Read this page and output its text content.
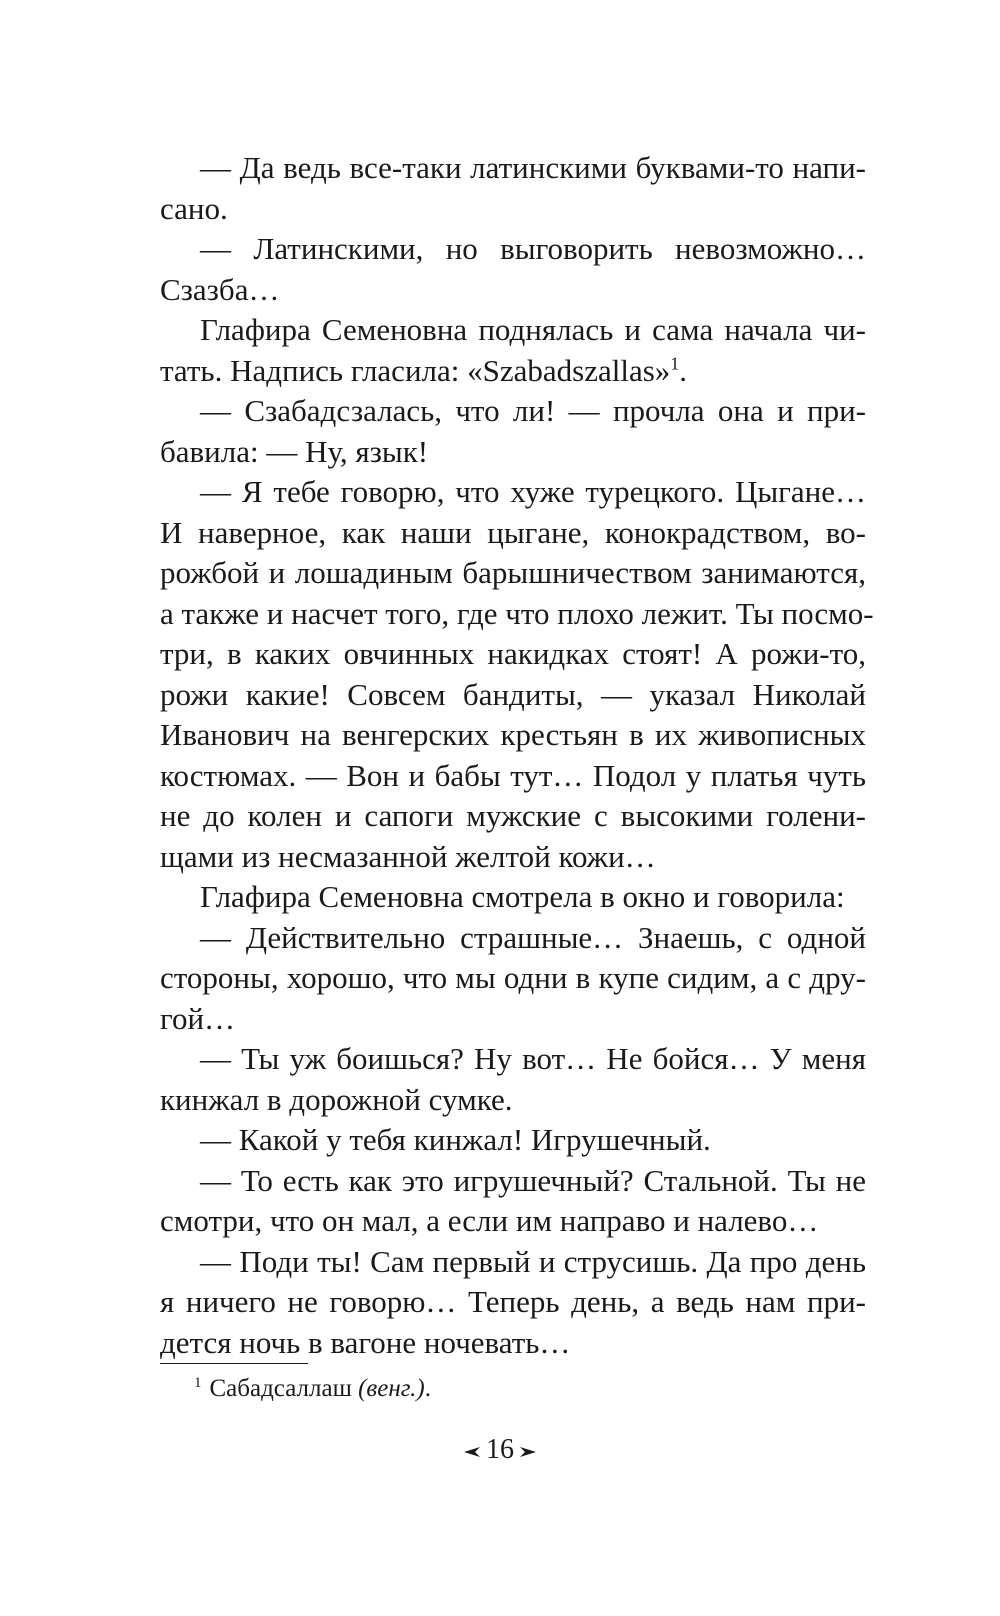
— Да ведь все-таки латинскими буквами-то напи-
сано.
— Латинскими, но выговорить невозможно…
Сзазба…
Глафира Семеновна поднялась и сама начала чи-
тать. Надпись гласила: «Szabadszallas»$^1$.
— Сзабадсзалась, что ли! — прочла она и при-
бавила: — Ну, язык!
— Я тебе говорю, что хуже турецкого. Цыгане…
И наверное, как наши цыгане, конокрадством, во-
рожбой и лошадиным барышничеством занимаются,
а также и насчет того, где что плохо лежит. Ты посмо-
три, в каких овчинных накидках стоят! А рожи-то,
рожи какие! Совсем бандиты, — указал Николай
Иванович на венгерских крестьян в их живописных
костюмах. — Вон и бабы тут… Подол у платья чуть
не до колен и сапоги мужские с высокими голени-
щами из несмазанной желтой кожи…
Глафира Семеновна смотрела в окно и говорила:
— Действительно страшные… Знаешь, с одной
стороны, хорошо, что мы одни в купе сидим, а с дру-
гой…
— Ты уж боишься? Ну вот… Не бойся… У меня
кинжал в дорожной сумке.
— Какой у тебя кинжал! Игрушечный.
— То есть как это игрушечный? Стальной. Ты не
смотри, что он мал, а если им направо и налево…
— Поди ты! Сам первый и струсишь. Да про день
я ничего не говорю… Теперь день, а ведь нам при-
дется ночь в вагоне ночевать…
$^1$ Сабадсаллаш (венг.).
16
